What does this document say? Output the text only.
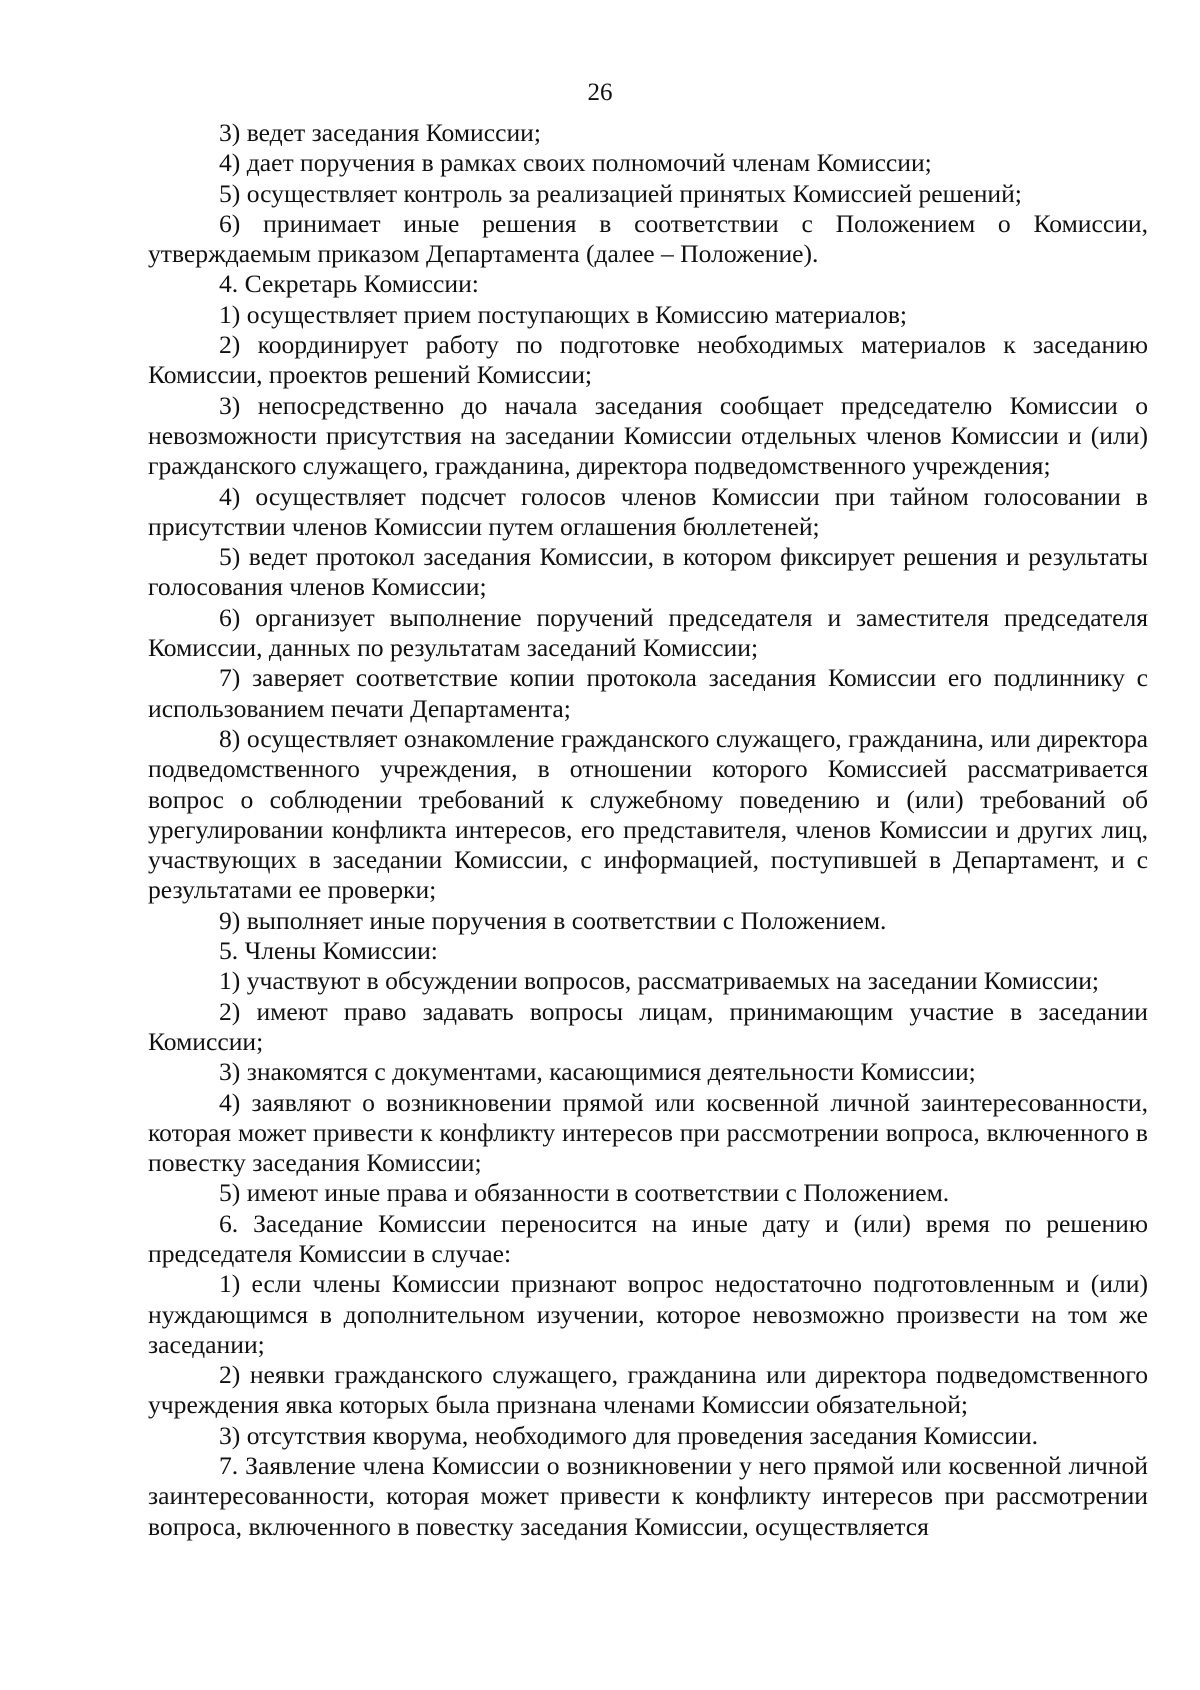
26

3) ведет заседания Комиссии;

4) дает поручения в рамках своих полномочий членам Комиссии;

5) осуществляет контроль за реализацией принятых Комиссией решений;

6) принимает иные решения в соответствии с Положением о Комиссии, утверждаемым приказом Департамента (далее – Положение).

4. Секретарь Комиссии:

1) осуществляет прием поступающих в Комиссию материалов;

2) координирует работу по подготовке необходимых материалов к заседанию Комиссии, проектов решений Комиссии;

3) непосредственно до начала заседания сообщает председателю Комиссии о невозможности присутствия на заседании Комиссии отдельных членов Комиссии и (или) гражданского служащего, гражданина, директора подведомственного учреждения;

4) осуществляет подсчет голосов членов Комиссии при тайном голосовании в присутствии членов Комиссии путем оглашения бюллетеней;

5) ведет протокол заседания Комиссии, в котором фиксирует решения и результаты голосования членов Комиссии;

6) организует выполнение поручений председателя и заместителя председателя Комиссии, данных по результатам заседаний Комиссии;

7) заверяет соответствие копии протокола заседания Комиссии его подлиннику с использованием печати Департамента;

8) осуществляет ознакомление гражданского служащего, гражданина, или директора подведомственного учреждения, в отношении которого Комиссией рассматривается вопрос о соблюдении требований к служебному поведению и (или) требований об урегулировании конфликта интересов, его представителя, членов Комиссии и других лиц, участвующих в заседании Комиссии, с информацией, поступившей в Департамент, и с результатами ее проверки;

9) выполняет иные поручения в соответствии с Положением.

5. Члены Комиссии:

1) участвуют в обсуждении вопросов, рассматриваемых на заседании Комиссии;

2) имеют право задавать вопросы лицам, принимающим участие в заседании Комиссии;

3) знакомятся с документами, касающимися деятельности Комиссии;

4) заявляют о возникновении прямой или косвенной личной заинтересованности, которая может привести к конфликту интересов при рассмотрении вопроса, включенного в повестку заседания Комиссии;

5) имеют иные права и обязанности в соответствии с Положением.

6. Заседание Комиссии переносится на иные дату и (или) время по решению председателя Комиссии в случае:

1) если члены Комиссии признают вопрос недостаточно подготовленным и (или) нуждающимся в дополнительном изучении, которое невозможно произвести на том же заседании;

2) неявки гражданского служащего, гражданина или директора подведомственного учреждения явка которых была признана членами Комиссии обязательной;

3) отсутствия кворума, необходимого для проведения заседания Комиссии.

7. Заявление члена Комиссии о возникновении у него прямой или косвенной личной заинтересованности, которая может привести к конфликту интересов при рассмотрении вопроса, включенного в повестку заседания Комиссии, осуществляется
